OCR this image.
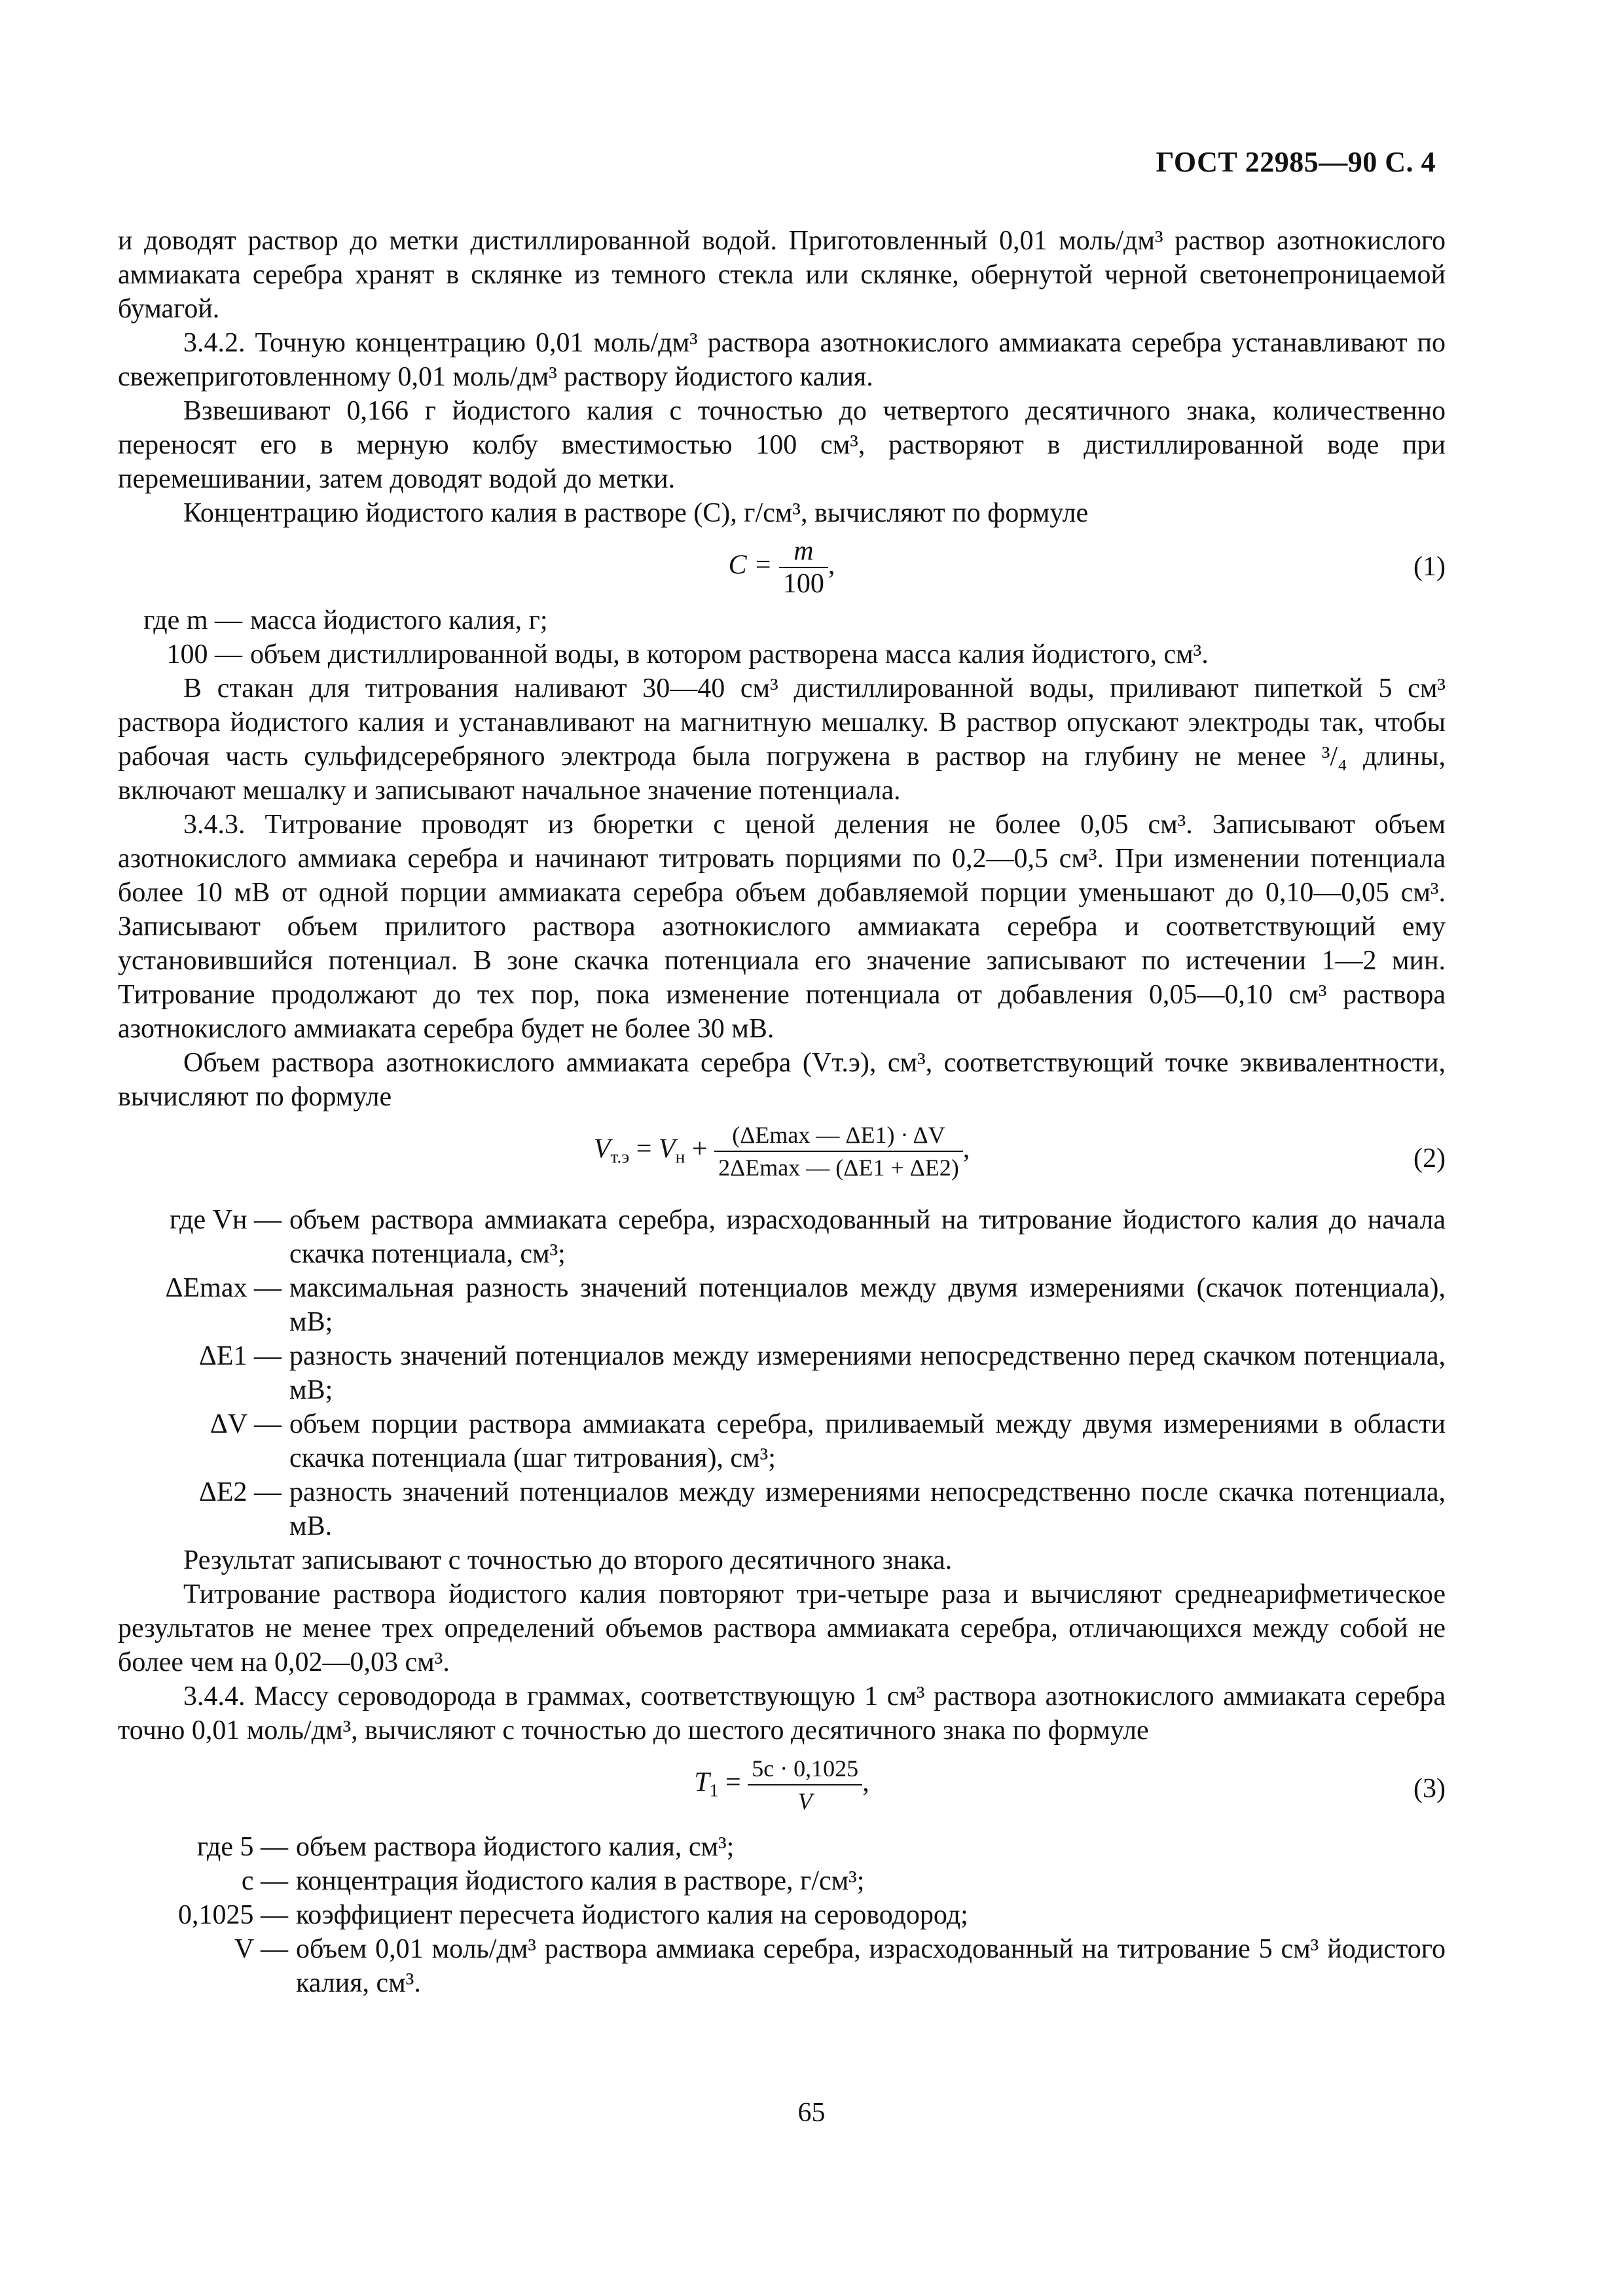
ГОСТ 22985—90 С. 4

и доводят раствор до метки дистиллированной водой. Приготовленный 0,01 моль/дм³ раствор азотнокислого аммиаката серебра хранят в склянке из темного стекла или склянке, обернутой черной светонепроницаемой бумагой.

3.4.2. Точную концентрацию 0,01 моль/дм³ раствора азотнокислого аммиаката серебра устанавливают по свежеприготовленному 0,01 моль/дм³ раствору йодистого калия.

Взвешивают 0,166 г йодистого калия с точностью до четвертого десятичного знака, количественно переносят его в мерную колбу вместимостью 100 см³, растворяют в дистиллированной воде при перемешивании, затем доводят водой до метки.

Концентрацию йодистого калия в растворе (C), г/см³, вычисляют по формуле

$C = \frac{m}{100}$ ,	(1)
где m — масса йодистого калия, г;
100 — объем дистиллированной воды, в котором растворена масса калия йодистого, см³.

В стакан для титрования наливают 30—40 см³ дистиллированной воды, приливают пипеткой 5 см³ раствора йодистого калия и устанавливают на магнитную мешалку. В раствор опускают электроды так, чтобы рабочая часть сульфидсеребряного электрода была погружена в раствор на глубину не менее ³/₄ длины, включают мешалку и записывают начальное значение потенциала.

3.4.3. Титрование проводят из бюретки с ценой деления не более 0,05 см³. Записывают объем азотнокислого аммиака серебра и начинают титровать порциями по 0,2—0,5 см³. При изменении потенциала более 10 мВ от одной порции аммиаката серебра объем добавляемой порции уменьшают до 0,10—0,05 см³. Записывают объем прилитого раствора азотнокислого аммиаката серебра и соответствующий ему установившийся потенциал. В зоне скачка потенциала его значение записывают по истечении 1—2 мин. Титрование продолжают до тех пор, пока изменение потенциала от добавления 0,05—0,10 см³ раствора азотнокислого аммиаката серебра будет не более 30 мВ.

Объем раствора азотнокислого аммиаката серебра (Vт.э), см³, соответствующий точке эквивалентности, вычисляют по формуле

$V_{т.э} = V_н + \frac{(\Delta Emax — \Delta E1) \cdot \Delta V}{2\Delta Emax — (\Delta E1 + \Delta E2)}$ ,	(2)
где Vн — объем раствора аммиаката серебра, израсходованный на титрование йодистого калия до начала скачка потенциала, см³;
ΔEmax — максимальная разность значений потенциалов между двумя измерениями (скачок потенциала), мВ;
ΔE1 — разность значений потенциалов между измерениями непосредственно перед скачком потенциала, мВ;
ΔV — объем порции раствора аммиаката серебра, приливаемый между двумя измерениями в области скачка потенциала (шаг титрования), см³;
ΔE2 — разность значений потенциалов между измерениями непосредственно после скачка потенциала, мВ.

Результат записывают с точностью до второго десятичного знака.

Титрование раствора йодистого калия повторяют три-четыре раза и вычисляют среднеарифметическое результатов не менее трех определений объемов раствора аммиаката серебра, отличающихся между собой не более чем на 0,02—0,03 см³.

3.4.4. Массу сероводорода в граммах, соответствующую 1 см³ раствора азотнокислого аммиаката серебра точно 0,01 моль/дм³, вычисляют с точностью до шестого десятичного знака по формуле

$T_1 = \frac{5c \cdot 0,1025}{V}$ ,	(3)
где 5 — объем раствора йодистого калия, см³;
c — концентрация йодистого калия в растворе, г/см³;
0,1025 — коэффициент пересчета йодистого калия на сероводород;
V — объем 0,01 моль/дм³ раствора аммиака серебра, израсходованный на титрование 5 см³ йодистого калия, см³.
65
